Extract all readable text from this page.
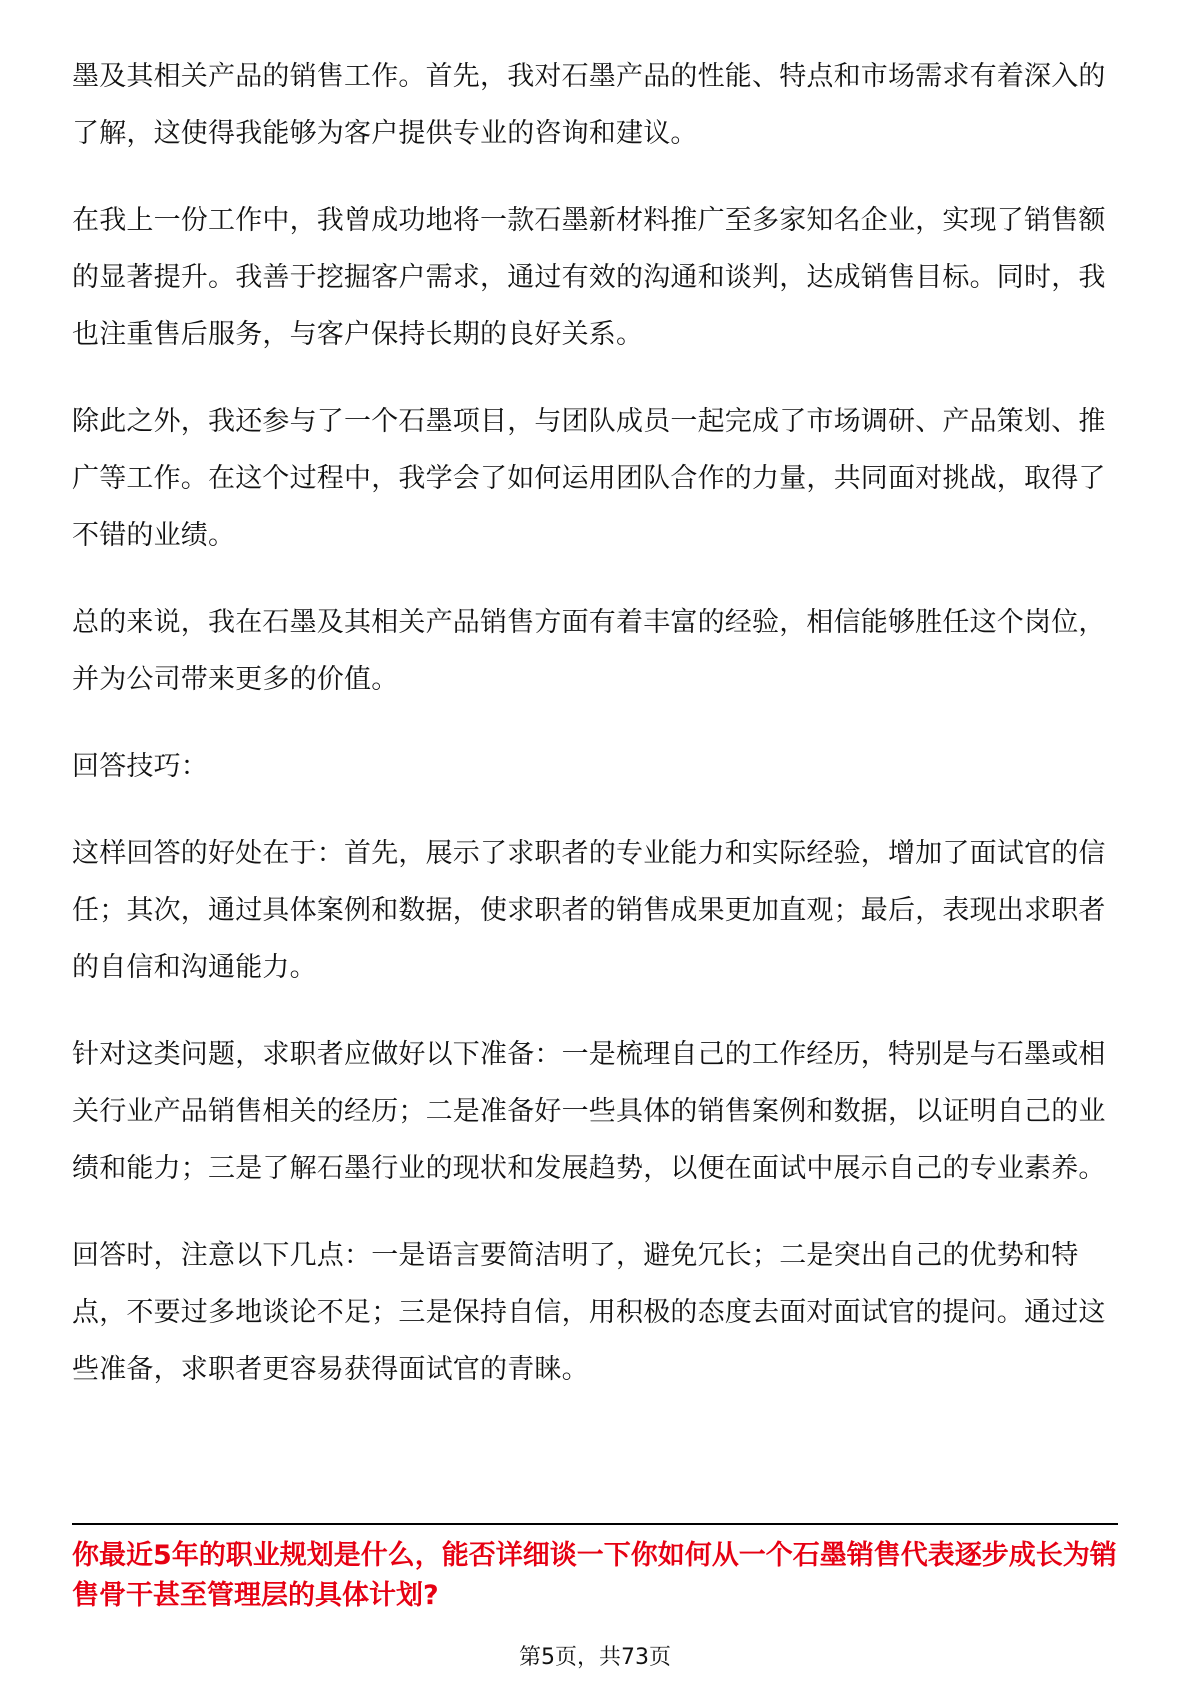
墨及其相关产品的销售工作。首先，我对石墨产品的性能、特点和市场需求有着深入的了解，这使得我能够为客户提供专业的咨询和建议。

在我上一份工作中，我曾成功地将一款石墨新材料推广至多家知名企业，实现了销售额的显著提升。我善于挖掘客户需求，通过有效的沟通和谈判，达成销售目标。同时，我也注重售后服务，与客户保持长期的良好关系。

除此之外，我还参与了一个石墨项目，与团队成员一起完成了市场调研、产品策划、推广等工作。在这个过程中，我学会了如何运用团队合作的力量，共同面对挑战，取得了不错的业绩。

总的来说，我在石墨及其相关产品销售方面有着丰富的经验，相信能够胜任这个岗位，并为公司带来更多的价值。

回答技巧：

这样回答的好处在于：首先，展示了求职者的专业能力和实际经验，增加了面试官的信任；其次，通过具体案例和数据，使求职者的销售成果更加直观；最后，表现出求职者的自信和沟通能力。

针对这类问题，求职者应做好以下准备：一是梳理自己的工作经历，特别是与石墨或相关行业产品销售相关的经历；二是准备好一些具体的销售案例和数据，以证明自己的业绩和能力；三是了解石墨行业的现状和发展趋势，以便在面试中展示自己的专业素养。

回答时，注意以下几点：一是语言要简洁明了，避免冗长；二是突出自己的优势和特点，不要过多地谈论不足；三是保持自信，用积极的态度去面对面试官的提问。通过这些准备，求职者更容易获得面试官的青睐。

你最近5年的职业规划是什么，能否详细谈一下你如何从一个石墨销售代表逐步成长为销售骨干甚至管理层的具体计划?
第5页，共73页
